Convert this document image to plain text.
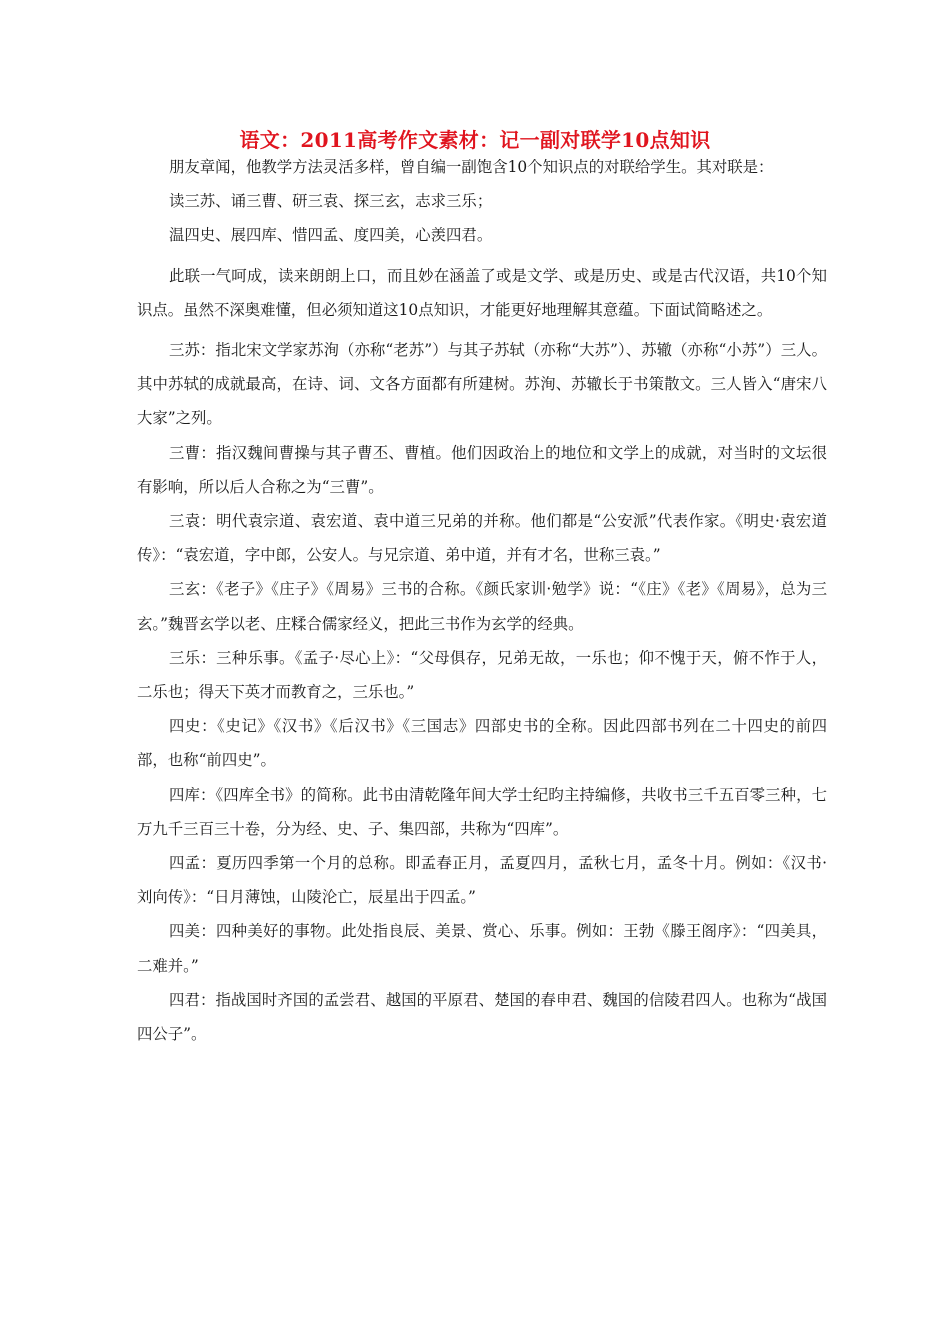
语文：2011高考作文素材：记一副对联学10点知识

朋友章闻，他教学方法灵活多样，曾自编一副饱含10个知识点的对联给学生。其对联是：

读三苏、诵三曹、研三袁、探三玄，志求三乐；

温四史、展四库、惜四孟、度四美，心羡四君。

此联一气呵成，读来朗朗上口，而且妙在涵盖了或是文学、或是历史、或是古代汉语，共10个知识点。虽然不深奥难懂，但必须知道这10点知识，才能更好地理解其意蕴。下面试简略述之。

三苏：指北宋文学家苏洵（亦称“老苏”）与其子苏轼（亦称“大苏”）、苏辙（亦称“小苏”）三人。其中苏轼的成就最高，在诗、词、文各方面都有所建树。苏洵、苏辙长于书策散文。三人皆入“唐宋八大家”之列。

三曹：指汉魏间曹操与其子曹丕、曹植。他们因政治上的地位和文学上的成就，对当时的文坛很有影响，所以后人合称之为“三曹”。

三袁：明代袁宗道、袁宏道、袁中道三兄弟的并称。他们都是“公安派”代表作家。《明史·袁宏道传》：“袁宏道，字中郎，公安人。与兄宗道、弟中道，并有才名，世称三袁。”

三玄：《老子》《庄子》《周易》三书的合称。《颜氏家训·勉学》说：“《庄》《老》《周易》，总为三玄。”魏晋玄学以老、庄糅合儒家经义，把此三书作为玄学的经典。

三乐：三种乐事。《孟子·尽心上》：“父母俱存，兄弟无故，一乐也；仰不愧于天，俯不怍于人，二乐也；得天下英才而教育之，三乐也。”

四史：《史记》《汉书》《后汉书》《三国志》四部史书的全称。因此四部书列在二十四史的前四部，也称“前四史”。

四库：《四库全书》的简称。此书由清乾隆年间大学士纪昀主持编修，共收书三千五百零三种，七万九千三百三十卷，分为经、史、子、集四部，共称为“四库”。

四孟：夏历四季第一个月的总称。即孟春正月，孟夏四月，孟秋七月，孟冬十月。例如：《汉书·刘向传》：“日月薄蚀，山陵沦亡，辰星出于四孟。”

四美：四种美好的事物。此处指良辰、美景、赏心、乐事。例如：王勃《滕王阁序》：“四美具，二难并。”

四君：指战国时齐国的孟尝君、越国的平原君、楚国的春申君、魏国的信陵君四人。也称为“战国四公子”。
